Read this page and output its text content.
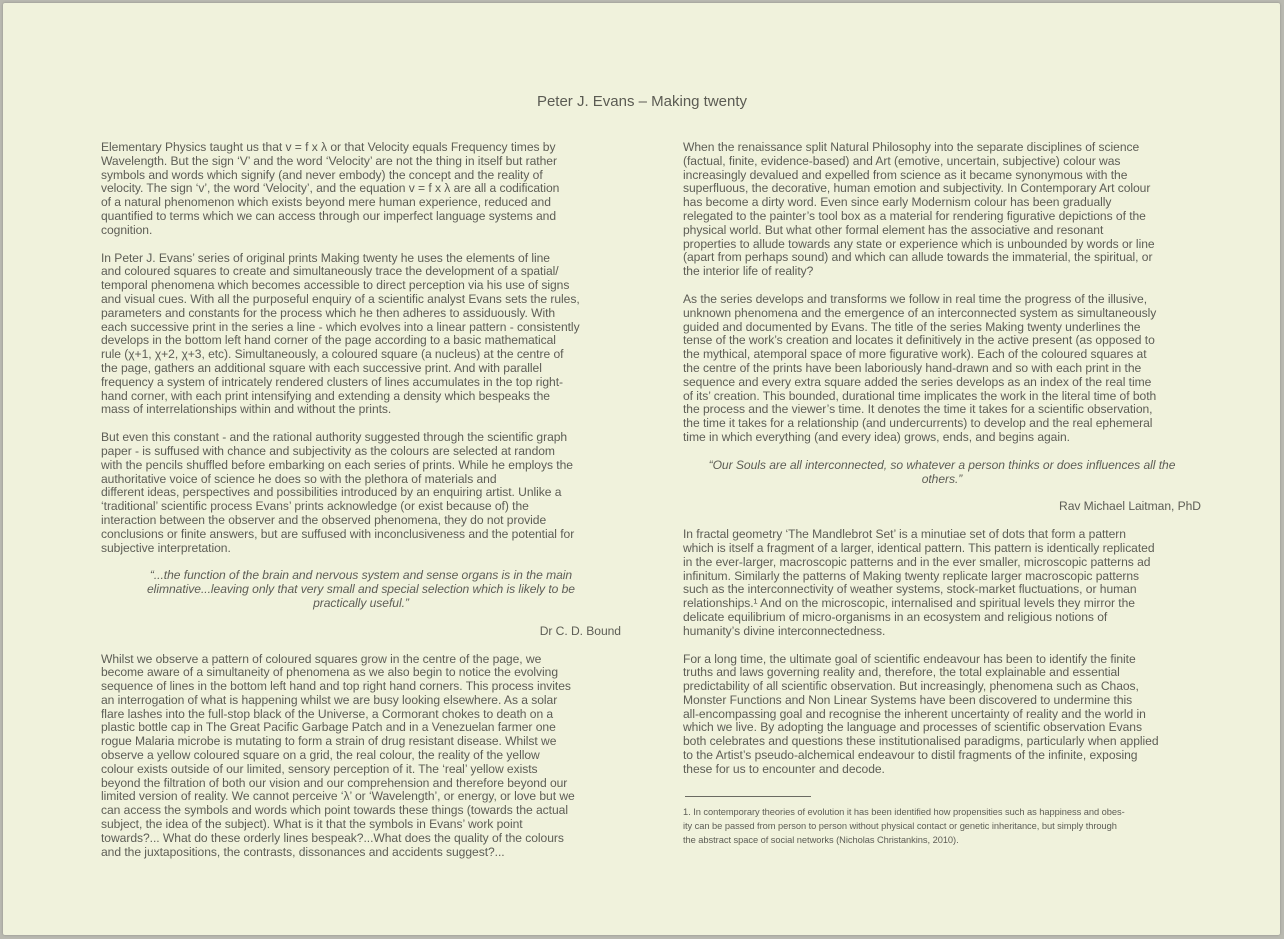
Peter J. Evans – Making twenty

Elementary Physics taught us that v = f x λ or that Velocity equals Frequency times by
Wavelength. But the sign ‘V’ and the word ‘Velocity’ are not the thing in itself but rather
symbols and words which signify (and never embody) the concept and the reality of
velocity. The sign ‘v’, the word ‘Velocity’, and the equation v = f x λ are all a codification
of a natural phenomenon which exists beyond mere human experience, reduced and
quantified to terms which we can access through our imperfect language systems and
cognition.

In Peter J. Evans’ series of original prints Making twenty he uses the elements of line
and coloured squares to create and simultaneously trace the development of a spatial/
temporal phenomena which becomes accessible to direct perception via his use of signs
and visual cues. With all the purposeful enquiry of a scientific analyst Evans sets the rules,
parameters and constants for the process which he then adheres to assiduously. With
each successive print in the series a line - which evolves into a linear pattern - consistently
develops in the bottom left hand corner of the page according to a basic mathematical
rule (χ+1, χ+2, χ+3, etc). Simultaneously, a coloured square (a nucleus) at the centre of
the page, gathers an additional square with each successive print. And with parallel
frequency a system of intricately rendered clusters of lines accumulates in the top right-
hand corner, with each print intensifying and extending a density which bespeaks the
mass of interrelationships within and without the prints.

But even this constant - and the rational authority suggested through the scientific graph
paper - is suffused with chance and subjectivity as the colours are selected at random
with the pencils shuffled before embarking on each series of prints. While he employs the
authoritative voice of science he does so with the plethora of materials and
different ideas, perspectives and possibilities introduced by an enquiring artist. Unlike a
‘traditional’ scientific process Evans’ prints acknowledge (or exist because of) the
interaction between the observer and the observed phenomena, they do not provide
conclusions or finite answers, but are suffused with inconclusiveness and the potential for
subjective interpretation.

“...the function of the brain and nervous system and sense organs is in the main
elimnative...leaving only that very small and special selection which is likely to be
practically useful.”

Dr C. D. Bound

Whilst we observe a pattern of coloured squares grow in the centre of the page, we
become aware of a simultaneity of phenomena as we also begin to notice the evolving
sequence of lines in the bottom left hand and top right hand corners. This process invites
an interrogation of what is happening whilst we are busy looking elsewhere. As a solar
flare lashes into the full-stop black of the Universe, a Cormorant chokes to death on a
plastic bottle cap in The Great Pacific Garbage Patch and in a Venezuelan farmer one
rogue Malaria microbe is mutating to form a strain of drug resistant disease. Whilst we
observe a yellow coloured square on a grid, the real colour, the reality of the yellow
colour exists outside of our limited, sensory perception of it. The ‘real’ yellow exists
beyond the filtration of both our vision and our comprehension and therefore beyond our
limited version of reality. We cannot perceive ‘λ’ or ‘Wavelength’, or energy, or love but we
can access the symbols and words which point towards these things (towards the actual
subject, the idea of the subject). What is it that the symbols in Evans’ work point
towards?... What do these orderly lines bespeak?...What does the quality of the colours
and the juxtapositions, the contrasts, dissonances and accidents suggest?...

When the renaissance split Natural Philosophy into the separate disciplines of science
(factual, finite, evidence-based) and Art (emotive, uncertain, subjective) colour was
increasingly devalued and expelled from science as it became synonymous with the
superfluous, the decorative, human emotion and subjectivity. In Contemporary Art colour
has become a dirty word. Even since early Modernism colour has been gradually
relegated to the painter’s tool box as a material for rendering figurative depictions of the
physical world. But what other formal element has the associative and resonant
properties to allude towards any state or experience which is unbounded by words or line
(apart from perhaps sound) and which can allude towards the immaterial, the spiritual, or
the interior life of reality?

As the series develops and transforms we follow in real time the progress of the illusive,
unknown phenomena and the emergence of an interconnected system as simultaneously
guided and documented by Evans. The title of the series Making twenty underlines the
tense of the work’s creation and locates it definitively in the active present (as opposed to
the mythical, atemporal space of more figurative work). Each of the coloured squares at
the centre of the prints have been laboriously hand-drawn and so with each print in the
sequence and every extra square added the series develops as an index of the real time
of its’ creation. This bounded, durational time implicates the work in the literal time of both
the process and the viewer’s time. It denotes the time it takes for a scientific observation,
the time it takes for a relationship (and undercurrents) to develop and the real ephemeral
time in which everything (and every idea) grows, ends, and begins again.

“Our Souls are all interconnected, so whatever a person thinks or does influences all the
others.”

Rav Michael Laitman, PhD

In fractal geometry ‘The Mandlebrot Set’ is a minutiae set of dots that form a pattern
which is itself a fragment of a larger, identical pattern. This pattern is identically replicated
in the ever-larger, macroscopic patterns and in the ever smaller, microscopic patterns ad
infinitum. Similarly the patterns of Making twenty replicate larger macroscopic patterns
such as the interconnectivity of weather systems, stock-market fluctuations, or human
relationships.¹ And on the microscopic, internalised and spiritual levels they mirror the
delicate equilibrium of micro-organisms in an ecosystem and religious notions of
humanity’s divine interconnectedness.

For a long time, the ultimate goal of scientific endeavour has been to identify the finite
truths and laws governing reality and, therefore, the total explainable and essential
predictability of all scientific observation. But increasingly, phenomena such as Chaos,
Monster Functions and Non Linear Systems have been discovered to undermine this
all-encompassing goal and recognise the inherent uncertainty of reality and the world in
which we live. By adopting the language and processes of scientific observation Evans
both celebrates and questions these institutionalised paradigms, particularly when applied
to the Artist’s pseudo-alchemical endeavour to distil fragments of the infinite, exposing
these for us to encounter and decode.

1. In contemporary theories of evolution it has been identified how propensities such as happiness and obes-
ity can be passed from person to person without physical contact or genetic inheritance, but simply through
the abstract space of social networks (Nicholas Christankins, 2010).
